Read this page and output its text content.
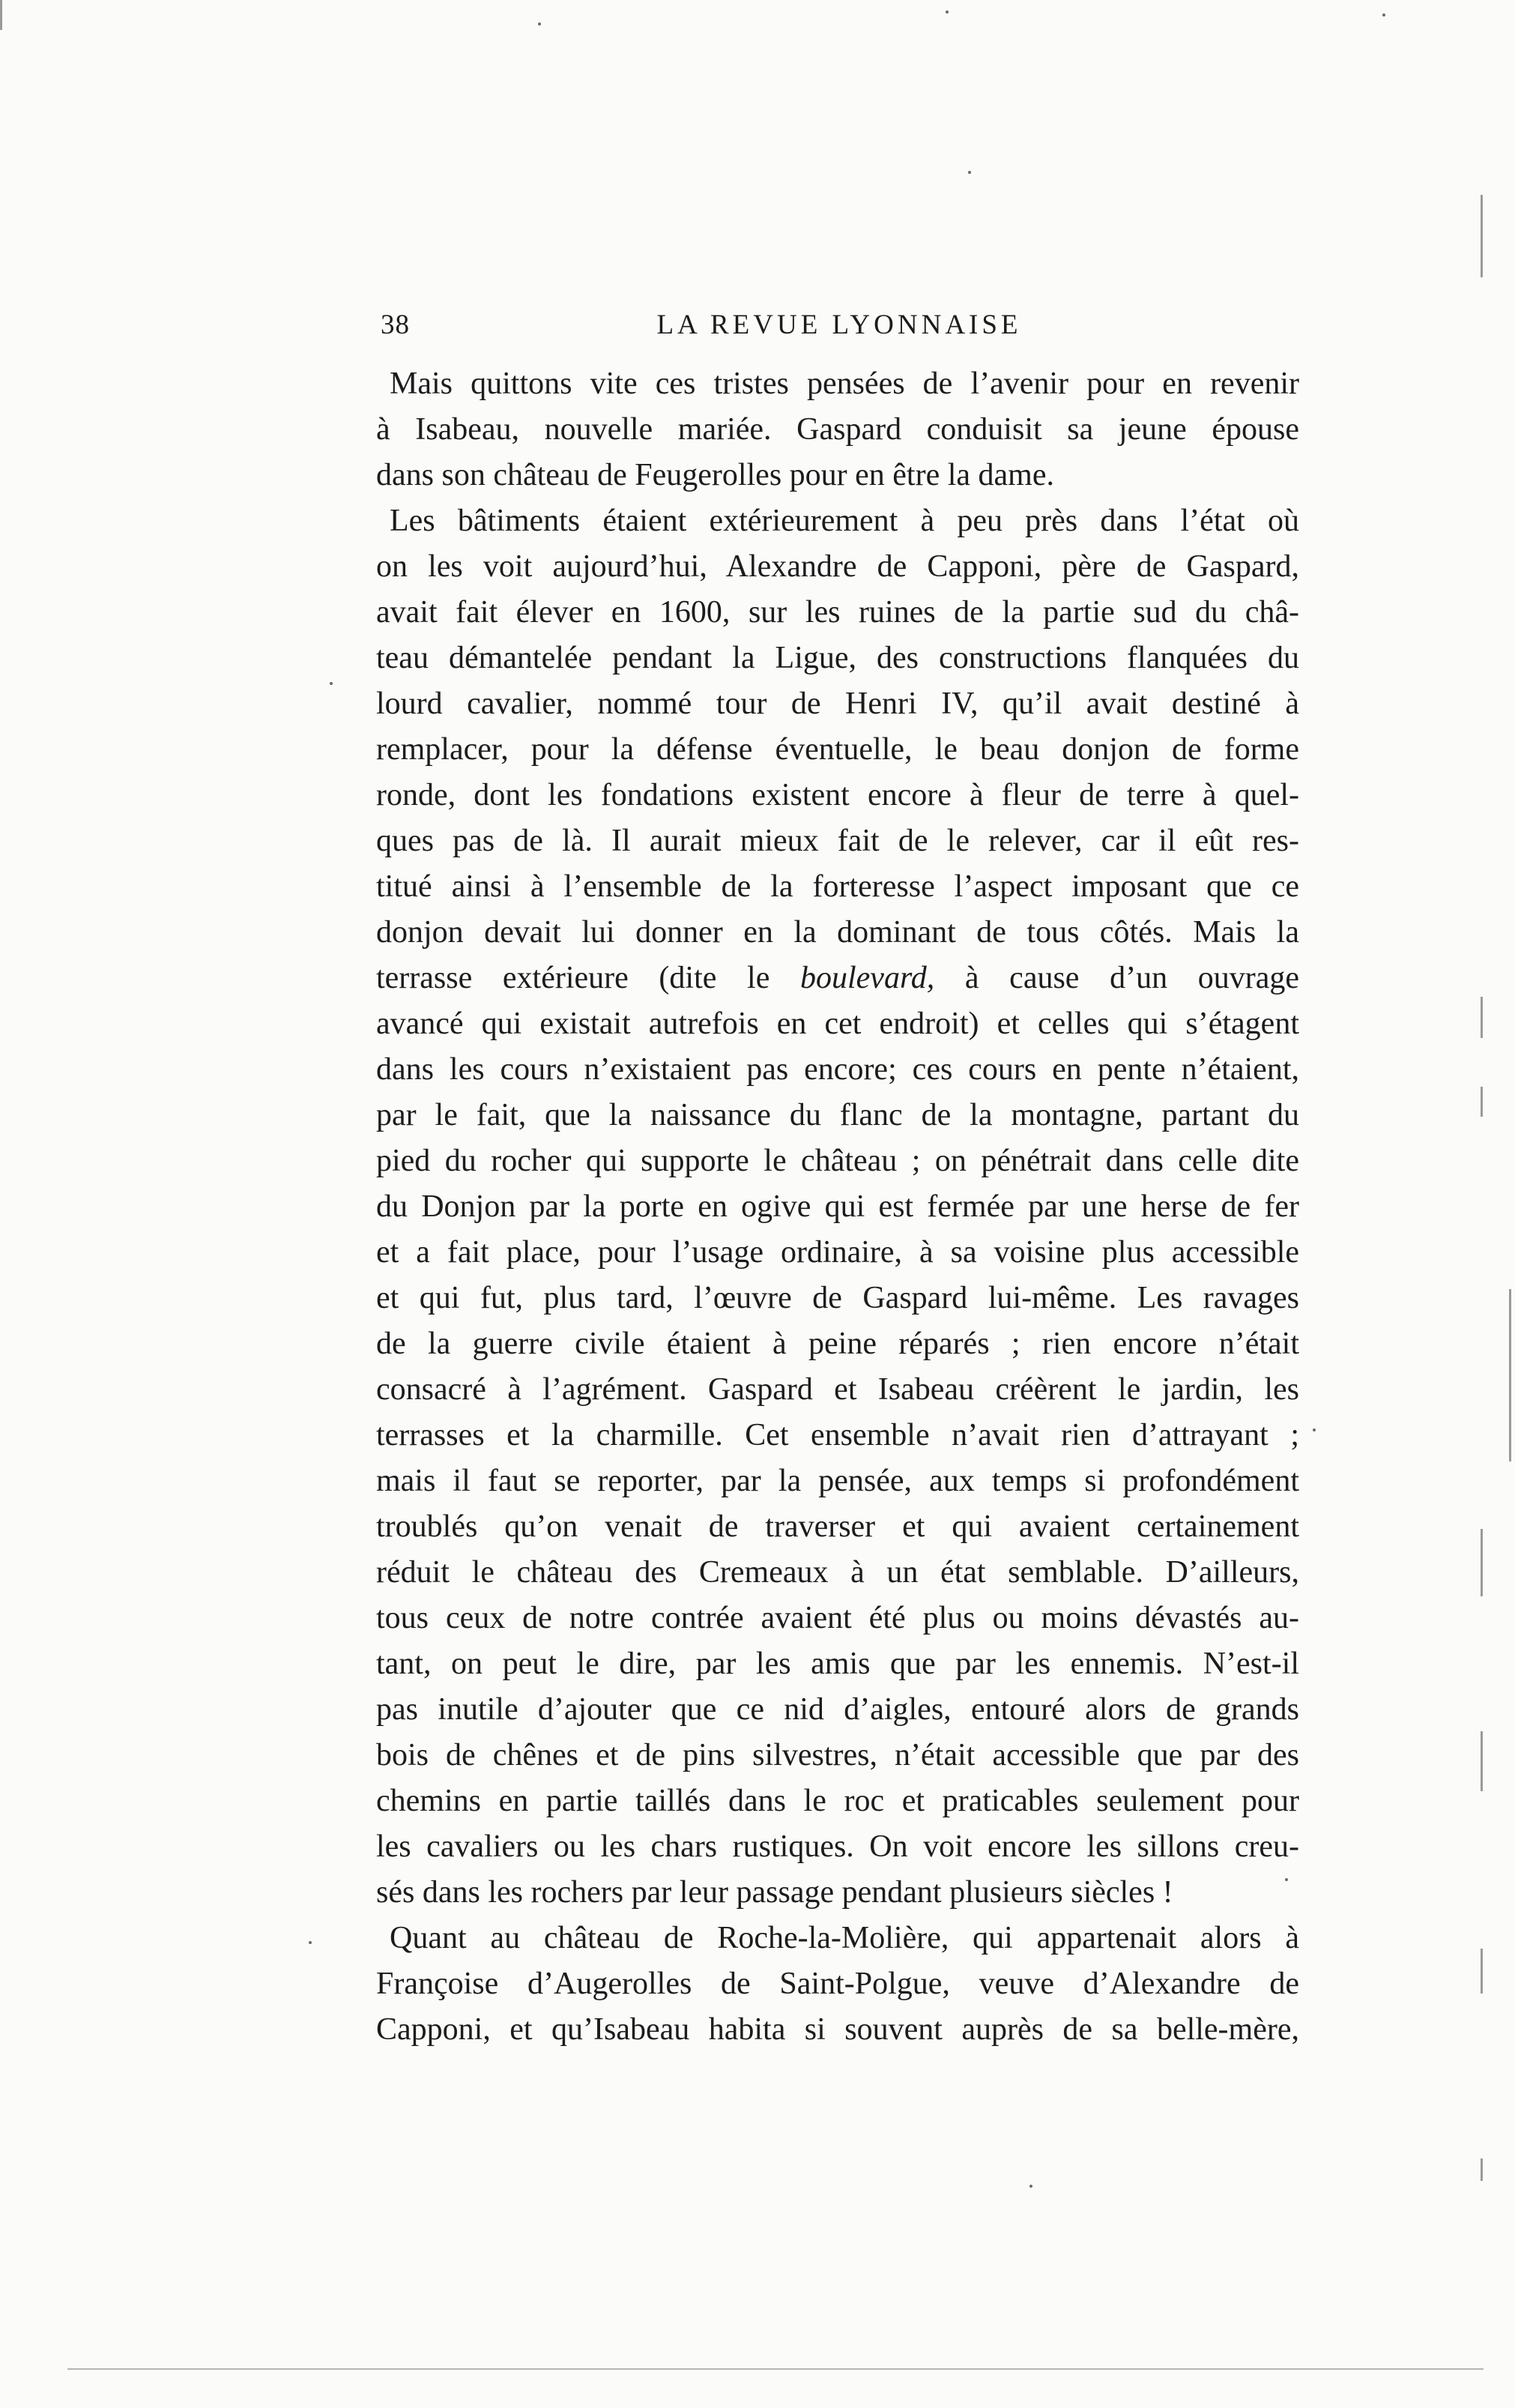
38	LA REVUE LYONNAISE
Mais quittons vite ces tristes pensées de l’avenir pour en revenir
à Isabeau, nouvelle mariée. Gaspard conduisit sa jeune épouse
dans son château de Feugerolles pour en être la dame.
Les bâtiments étaient extérieurement à peu près dans l’état où
on les voit aujourd’hui, Alexandre de Capponi, père de Gaspard,
avait fait élever en 1600, sur les ruines de la partie sud du châ-
teau démantelée pendant la Ligue, des constructions flanquées du
lourd cavalier, nommé tour de Henri IV, qu’il avait destiné à
remplacer, pour la défense éventuelle, le beau donjon de forme
ronde, dont les fondations existent encore à fleur de terre à quel-
ques pas de là. Il aurait mieux fait de le relever, car il eût res-
titué ainsi à l’ensemble de la forteresse l’aspect imposant que ce
donjon devait lui donner en la dominant de tous côtés. Mais la
terrasse extérieure (dite le boulevard, à cause d’un ouvrage
avancé qui existait autrefois en cet endroit) et celles qui s’étagent
dans les cours n’existaient pas encore; ces cours en pente n’étaient,
par le fait, que la naissance du flanc de la montagne, partant du
pied du rocher qui supporte le château ; on pénétrait dans celle dite
du Donjon par la porte en ogive qui est fermée par une herse de fer
et a fait place, pour l’usage ordinaire, à sa voisine plus accessible
et qui fut, plus tard, l’œuvre de Gaspard lui-même. Les ravages
de la guerre civile étaient à peine réparés ; rien encore n’était
consacré à l’agrément. Gaspard et Isabeau créèrent le jardin, les
terrasses et la charmille. Cet ensemble n’avait rien d’attrayant ;
mais il faut se reporter, par la pensée, aux temps si profondément
troublés qu’on venait de traverser et qui avaient certainement
réduit le château des Cremeaux à un état semblable. D’ailleurs,
tous ceux de notre contrée avaient été plus ou moins dévastés au-
tant, on peut le dire, par les amis que par les ennemis. N’est-il
pas inutile d’ajouter que ce nid d’aigles, entouré alors de grands
bois de chênes et de pins silvestres, n’était accessible que par des
chemins en partie taillés dans le roc et praticables seulement pour
les cavaliers ou les chars rustiques. On voit encore les sillons creu-
sés dans les rochers par leur passage pendant plusieurs siècles !
Quant au château de Roche-la-Molière, qui appartenait alors à
Françoise d’Augerolles de Saint-Polgue, veuve d’Alexandre de
Capponi, et qu’Isabeau habita si souvent auprès de sa belle-mère,
